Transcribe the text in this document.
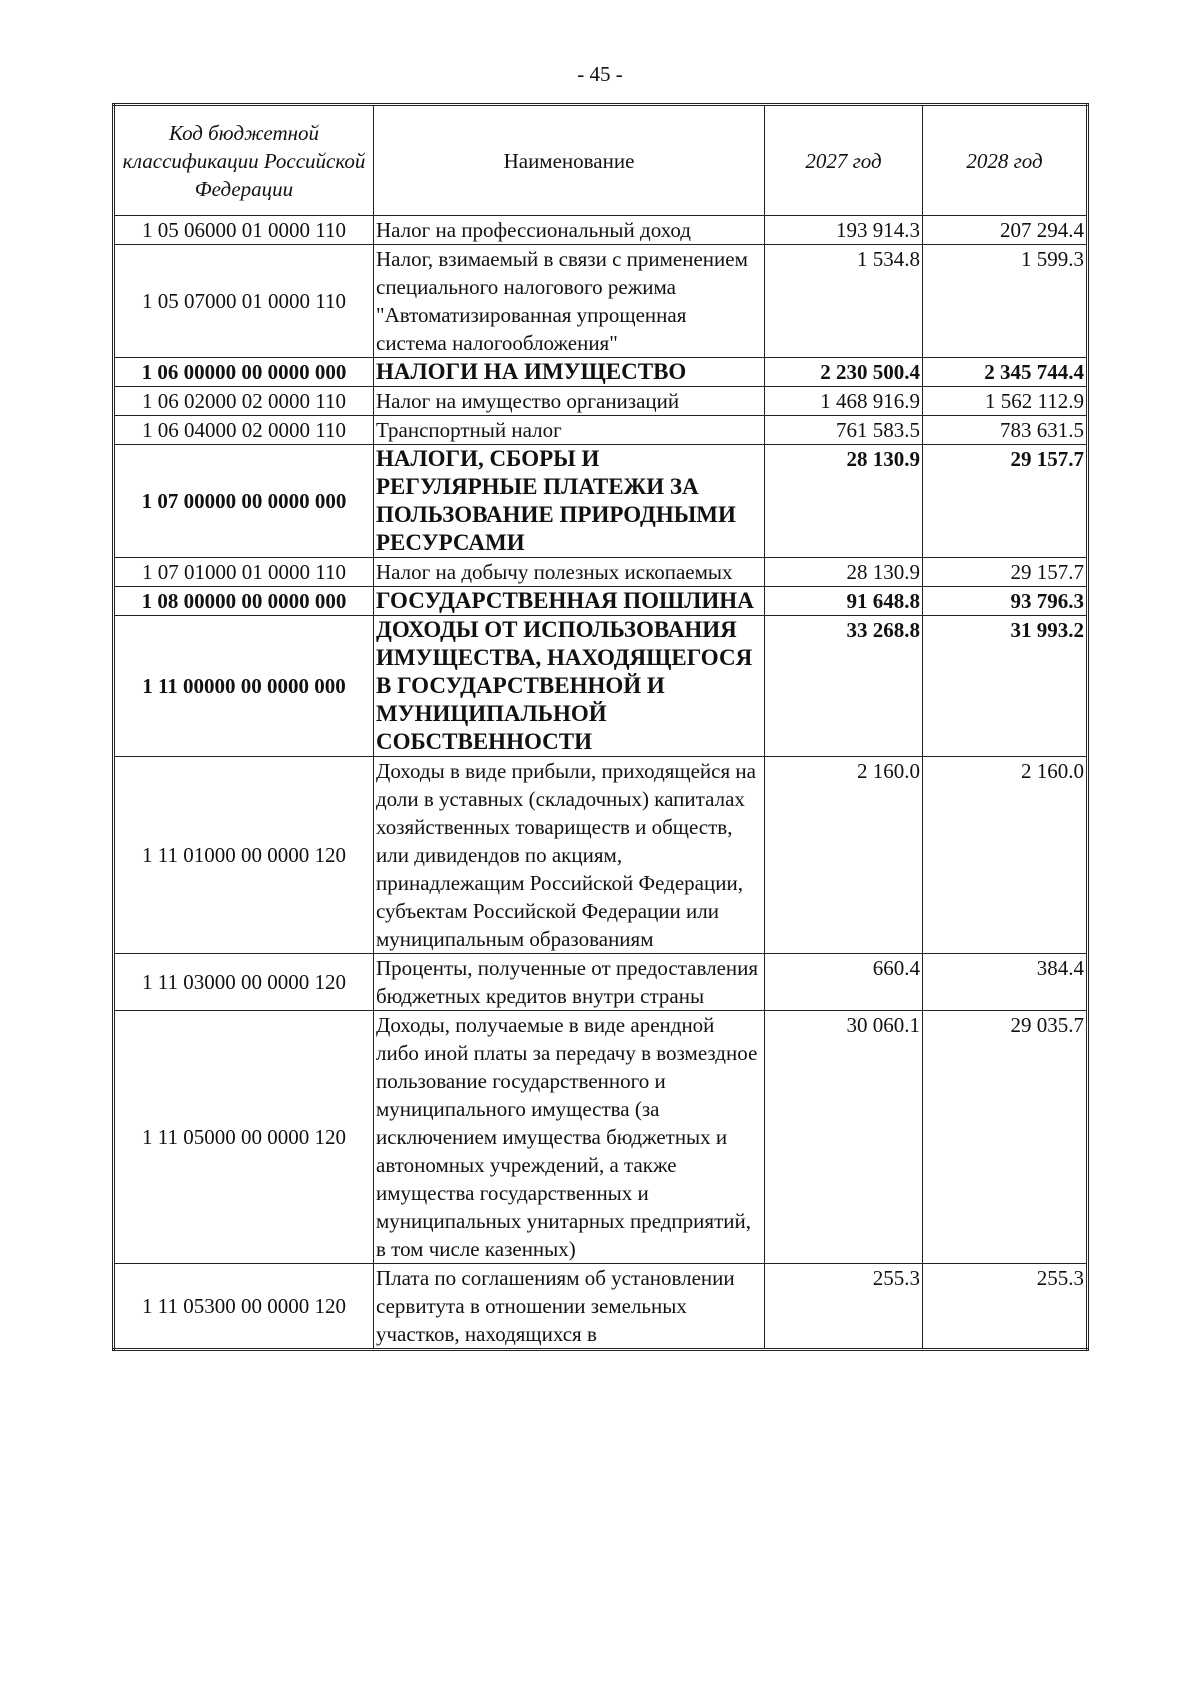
- 45 -
Код бюджетной классификации Российской Федерации	Наименование	2027 год	2028 год
1 05 06000 01 0000 110	Налог на профессиональный доход	193 914.3	207 294.4
1 05 07000 01 0000 110	Налог, взимаемый в связи с применением специального налогового режима "Автоматизированная упрощенная система налогообложения"	1 534.8	1 599.3
1 06 00000 00 0000 000	НАЛОГИ НА ИМУЩЕСТВО	2 230 500.4	2 345 744.4
1 06 02000 02 0000 110	Налог на имущество организаций	1 468 916.9	1 562 112.9
1 06 04000 02 0000 110	Транспортный налог	761 583.5	783 631.5
1 07 00000 00 0000 000	НАЛОГИ, СБОРЫ И РЕГУЛЯРНЫЕ ПЛАТЕЖИ ЗА ПОЛЬЗОВАНИЕ ПРИРОДНЫМИ РЕСУРСАМИ	28 130.9	29 157.7
1 07 01000 01 0000 110	Налог на добычу полезных ископаемых	28 130.9	29 157.7
1 08 00000 00 0000 000	ГОСУДАРСТВЕННАЯ ПОШЛИНА	91 648.8	93 796.3
1 11 00000 00 0000 000	ДОХОДЫ ОТ ИСПОЛЬЗОВАНИЯ ИМУЩЕСТВА, НАХОДЯЩЕГОСЯ В ГОСУДАРСТВЕННОЙ И МУНИЦИПАЛЬНОЙ СОБСТВЕННОСТИ	33 268.8	31 993.2
1 11 01000 00 0000 120	Доходы в виде прибыли, приходящейся на доли в уставных (складочных) капиталах хозяйственных товариществ и обществ, или дивидендов по акциям, принадлежащим Российской Федерации, субъектам Российской Федерации или муниципальным образованиям	2 160.0	2 160.0
1 11 03000 00 0000 120	Проценты, полученные от предоставления бюджетных кредитов внутри страны	660.4	384.4
1 11 05000 00 0000 120	Доходы, получаемые в виде арендной либо иной платы за передачу в возмездное пользование государственного и муниципального имущества (за исключением имущества бюджетных и автономных учреждений, а также имущества государственных и муниципальных унитарных предприятий, в том числе казенных)	30 060.1	29 035.7
1 11 05300 00 0000 120	Плата по соглашениям об установлении сервитута в отношении земельных участков, находящихся в	255.3	255.3
